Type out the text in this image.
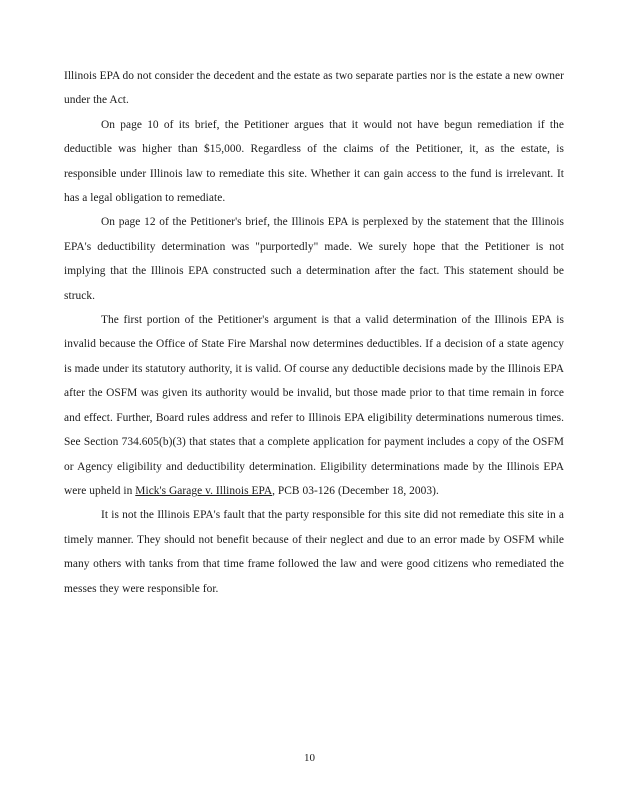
Illinois EPA do not consider the decedent and the estate as two separate parties nor is the estate a new owner under the Act.

On page 10 of its brief, the Petitioner argues that it would not have begun remediation if the deductible was higher than $15,000. Regardless of the claims of the Petitioner, it, as the estate, is responsible under Illinois law to remediate this site. Whether it can gain access to the fund is irrelevant. It has a legal obligation to remediate.

On page 12 of the Petitioner's brief, the Illinois EPA is perplexed by the statement that the Illinois EPA's deductibility determination was "purportedly" made. We surely hope that the Petitioner is not implying that the Illinois EPA constructed such a determination after the fact. This statement should be struck.

The first portion of the Petitioner's argument is that a valid determination of the Illinois EPA is invalid because the Office of State Fire Marshal now determines deductibles. If a decision of a state agency is made under its statutory authority, it is valid. Of course any deductible decisions made by the Illinois EPA after the OSFM was given its authority would be invalid, but those made prior to that time remain in force and effect. Further, Board rules address and refer to Illinois EPA eligibility determinations numerous times. See Section 734.605(b)(3) that states that a complete application for payment includes a copy of the OSFM or Agency eligibility and deductibility determination. Eligibility determinations made by the Illinois EPA were upheld in Mick's Garage v. Illinois EPA, PCB 03-126 (December 18, 2003).

It is not the Illinois EPA's fault that the party responsible for this site did not remediate this site in a timely manner. They should not benefit because of their neglect and due to an error made by OSFM while many others with tanks from that time frame followed the law and were good citizens who remediated the messes they were responsible for.

10
